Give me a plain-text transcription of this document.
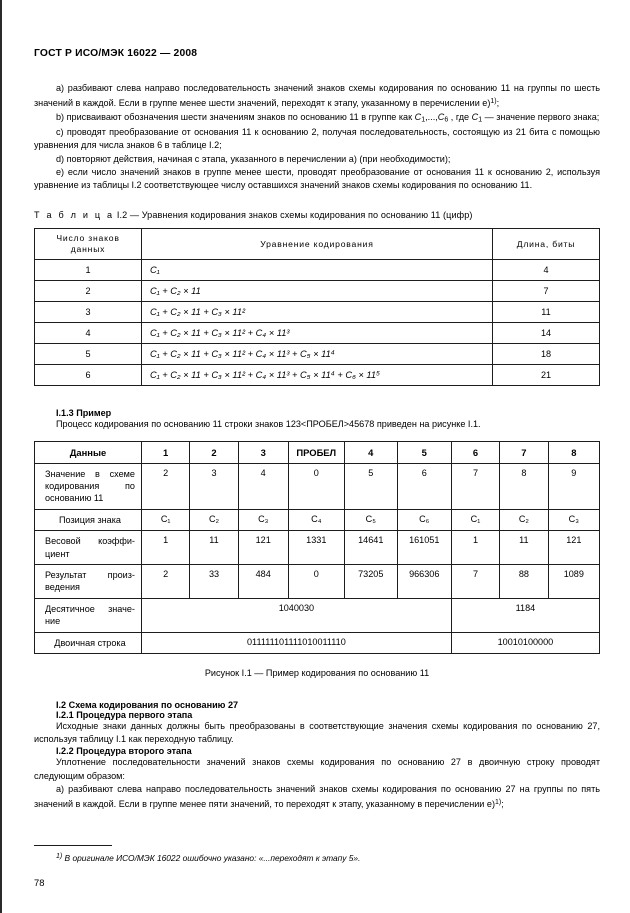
ГОСТ Р ИСО/МЭК 16022 — 2008

a) разбивают слева направо последовательность значений знаков схемы кодирования по основанию 11 на группы по шесть значений в каждой. Если в группе менее шести значений, переходят к этапу, указанному в перечислении e)$^{1)}$;

b) присваивают обозначения шести значениям знаков по основанию 11 в группе как $C_1,...,C_6$ , где $C_1$ — значение первого знака;

c) проводят преобразование от основания 11 к основанию 2, получая последовательность, состоящую из 21 бита с помощью уравнения для числа знаков 6 в таблице I.2;

d) повторяют действия, начиная с этапа, указанного в перечислении a) (при необходимости);

e) если число значений знаков в группе менее шести, проводят преобразование от основания 11 к основанию 2, используя уравнение из таблицы I.2 соответствующее числу оставшихся значений знаков схемы кодирования по основанию 11.

Т а б л и ц а I.2 — Уравнения кодирования знаков схемы кодирования по основанию 11 (цифр)
Число знаков данных	Уравнение кодирования	Длина, биты
1	C₁	4
2	C₁ + C₂ × 11	7
3	C₁ + C₂ × 11 + C₃ × 11²	11
4	C₁ + C₂ × 11 + C₃ × 11² + C₄ × 11³	14
5	C₁ + C₂ × 11 + C₃ × 11² + C₄ × 11³ + C₅ × 11⁴	18
6	C₁ + C₂ × 11 + C₃ × 11² + C₄ × 11³ + C₅ × 11⁴ + C₆ × 11⁵	21
I.1.3 Пример

Процесс кодирования по основанию 11 строки знаков 123<ПРОБЕЛ>45678 приведен на рисунке I.1.

Данные	1	2	3	ПРОБЕЛ	4	5	6	7	8
Значение в схеме кодирования по основанию 11	2	3	4	0	5	6	7	8	9
Позиция знака	C₁	C₂	C₃	C₄	C₅	C₆	C₁	C₂	C₃
Весовой коэффи-циент	1	11	121	1331	14641	161051	1	11	121
Результат произ-ведения	2	33	484	0	73205	966306	7	88	1089
Десятичное значе-ние	1040030						1184		
Двоичная строка	011111101111010011110						10010100000		
Рисунок I.1 — Пример кодирования по основанию 11
I.2 Схема кодирования по основанию 27
I.2.1 Процедура первого этапа

Исходные знаки данных должны быть преобразованы в соответствующие значения схемы кодирования по основанию 27, используя таблицу I.1 как переходную таблицу.

I.2.2 Процедура второго этапа

Уплотнение последовательности значений знаков схемы кодирования по основанию 27 в двоичную строку проводят следующим образом:

a) разбивают слева направо последовательность значений знаков схемы кодирования по основанию 27 на группы по пять значений в каждой. Если в группе менее пяти значений, то переходят к этапу, указанному в перечислении e)$^{1)}$;

$^{1)}$ В оригинале ИСО/МЭК 16022 ошибочно указано: «...переходят к этапу 5».
78
